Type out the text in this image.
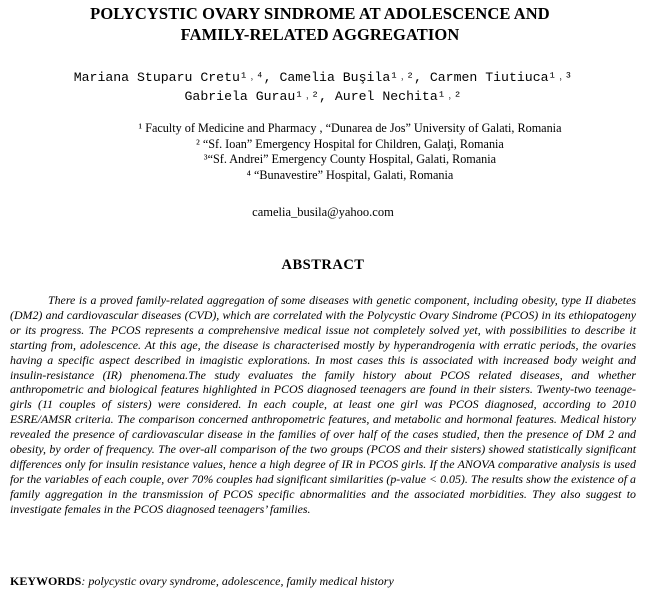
POLYCYSTIC OVARY SINDROME AT ADOLESCENCE AND
FAMILY-RELATED AGGREGATION
Mariana Stuparu Cretu¹˒⁴, Camelia Buşila¹˒², Carmen Tiutiuca¹˒³
Gabriela Gurau¹˒², Aurel Nechita¹˒²
¹ Faculty of Medicine and Pharmacy , “Dunarea de Jos” University of Galati, Romania
² “Sf. Ioan” Emergency Hospital for Children, Galaţi, Romania
³“Sf. Andrei” Emergency County Hospital, Galati, Romania
⁴ “Bunavestire” Hospital, Galati, Romania
camelia_busila@yahoo.com
ABSTRACT
There is a proved family-related aggregation of some diseases with genetic component, including obesity, type II diabetes (DM2) and cardiovascular diseases (CVD), which are correlated with the Polycystic Ovary Sindrome (PCOS) in its ethiopatogeny or its progress. The PCOS represents a comprehensive medical issue not completely solved yet, with possibilities to describe it starting from, adolescence. At this age, the disease is characterised mostly by hyperandrogenia with erratic periods, the ovaries having a specific aspect described in imagistic explorations. In most cases this is associated with increased body weight and insulin-resistance (IR) phenomena.The study evaluates the family history about PCOS related diseases, and whether anthropometric and biological features highlighted in PCOS diagnosed teenagers are found in their sisters. Twenty-two teenage-girls (11 couples of sisters) were considered. In each couple, at least one girl was PCOS diagnosed, according to 2010 ESRE/AMSR criteria. The comparison concerned anthropometric features, and metabolic and hormonal features. Medical history revealed the presence of cardiovascular disease in the families of over half of the cases studied, then the presence of DM 2 and obesity, by order of frequency. The over-all comparison of the two groups (PCOS and their sisters) showed statistically significant differences only for insulin resistance values, hence a high degree of IR in PCOS girls. If the ANOVA comparative analysis is used for the variables of each couple, over 70% couples had significant similarities (p-value < 0.05). The results show the existence of a family aggregation in the transmission of PCOS specific abnormalities and the associated morbidities. They also suggest to investigate females in the PCOS diagnosed teenagers’ families.
KEYWORDS: polycystic ovary syndrome, adolescence, family medical history
